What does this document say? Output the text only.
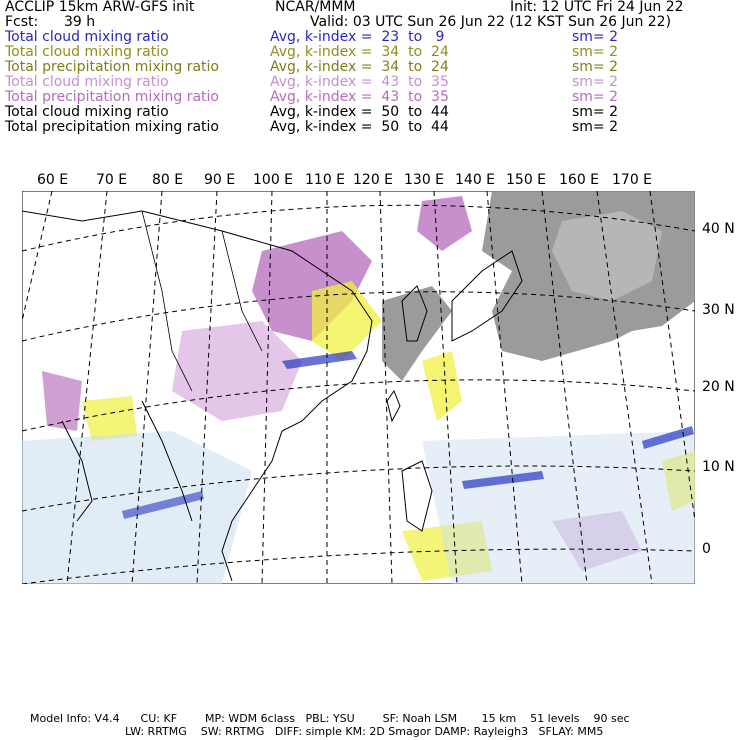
ACCLIP 15km ARW-GFS init	NCAR/MMM	Init: 12 UTC Fri 24 Jun 22
Fcst: 39 h	Valid: 03 UTC Sun 26 Jun 22 (12 KST Sun 26 Jun 22)
Total cloud mixing ratio	Avg, k-index =  23  to   9	sm= 2
Total cloud mixing ratio	Avg, k-index =  34  to  24	sm= 2
Total precipitation mixing ratio	Avg, k-index =  34  to  24	sm= 2
Total cloud mixing ratio	Avg, k-index =  43  to  35	sm= 2
Total precipitation mixing ratio	Avg, k-index =  43  to  35	sm= 2
Total cloud mixing ratio	Avg, k-index =  50  to  44	sm= 2
Total precipitation mixing ratio	Avg, k-index =  50  to  44	sm= 2
60 E 70 E 80 E 90 E 100 E 110 E 120 E 130 E 140 E 150 E 160 E 170 E
40 N
30 N
20 N
10 N
0
Model Info: V4.4      CU: KF        MP: WDM 6class   PBL: YSU        SF: Noah LSM       15 km    51 levels    90 sec
LW: RRTMG    SW: RRTMG   DIFF: simple KM: 2D Smagor DAMP: Rayleigh3   SFLAY: MM5
